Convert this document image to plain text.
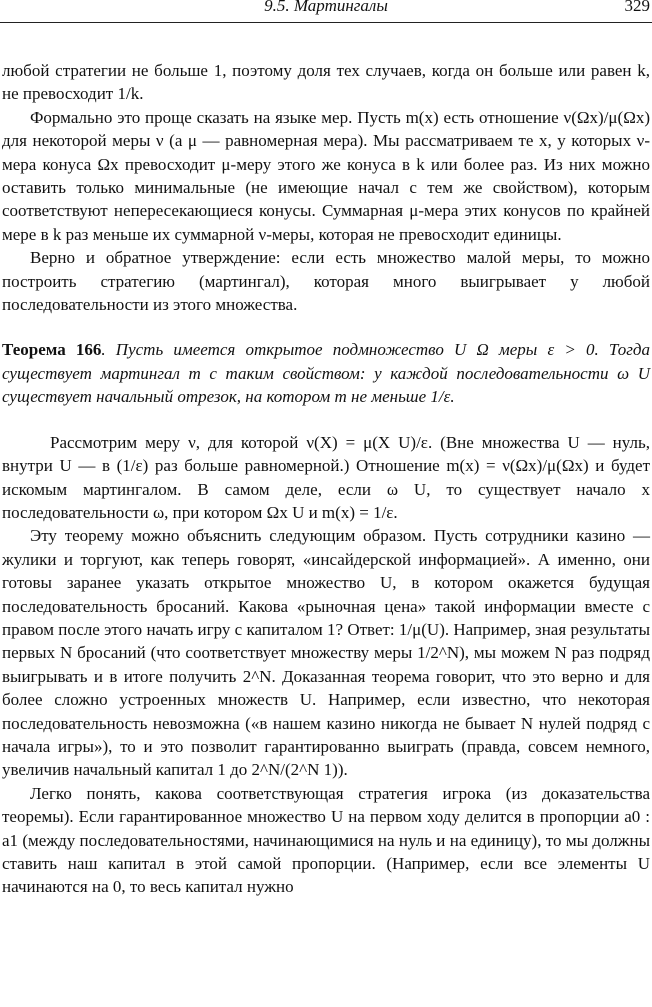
9.5. Мартингалы	329

любой стратегии не больше 1, поэтому доля тех случаев, когда он больше или равен k, не превосходит 1/k.

Формально это проще сказать на языке мер. Пусть m(x) есть отношение ν(Ωx)/μ(Ωx) для некоторой меры ν (а μ — равномерная мера). Мы рассматриваем те x, у которых ν-мера конуса Ωx превосходит μ-меру этого же конуса в k или более раз. Из них можно оставить только минимальные (не имеющие начал с тем же свойством), которым соответствуют непересекающиеся конусы. Суммарная μ-мера этих конусов по крайней мере в k раз меньше их суммарной ν-меры, которая не превосходит единицы.

Верно и обратное утверждение: если есть множество малой меры, то можно построить стратегию (мартингал), которая много выигрывает у любой последовательности из этого множества.

Теорема 166. Пусть имеется открытое подмножество U Ω меры ε > 0. Тогда существует мартингал m с таким свойством: у каждой последовательности ω U существует начальный отрезок, на котором m не меньше 1/ε.

Рассмотрим меру ν, для которой ν(X) = μ(X U)/ε. (Вне множества U — нуль, внутри U — в (1/ε) раз больше равномерной.) Отношение m(x) = ν(Ωx)/μ(Ωx) и будет искомым мартингалом. В самом деле, если ω U, то существует начало x последовательности ω, при котором Ωx U и m(x) = 1/ε.

Эту теорему можно объяснить следующим образом. Пусть сотрудники казино — жулики и торгуют, как теперь говорят, «инсайдерской информацией». А именно, они готовы заранее указать открытое множество U, в котором окажется будущая последовательность бросаний. Какова «рыночная цена» такой информации вместе с правом после этого начать игру с капиталом 1? Ответ: 1/μ(U). Например, зная результаты первых N бросаний (что соответствует множеству меры 1/2^N), мы можем N раз подряд выигрывать и в итоге получить 2^N. Доказанная теорема говорит, что это верно и для более сложно устроенных множеств U. Например, если известно, что некоторая последовательность невозможна («в нашем казино никогда не бывает N нулей подряд с начала игры»), то и это позволит гарантированно выиграть (правда, совсем немного, увеличив начальный капитал 1 до 2^N/(2^N 1)).

Легко понять, какова соответствующая стратегия игрока (из доказательства теоремы). Если гарантированное множество U на первом ходу делится в пропорции a0 : a1 (между последовательностями, начинающимися на нуль и на единицу), то мы должны ставить наш капитал в этой самой пропорции. (Например, если все элементы U начинаются на 0, то весь капитал нужно
